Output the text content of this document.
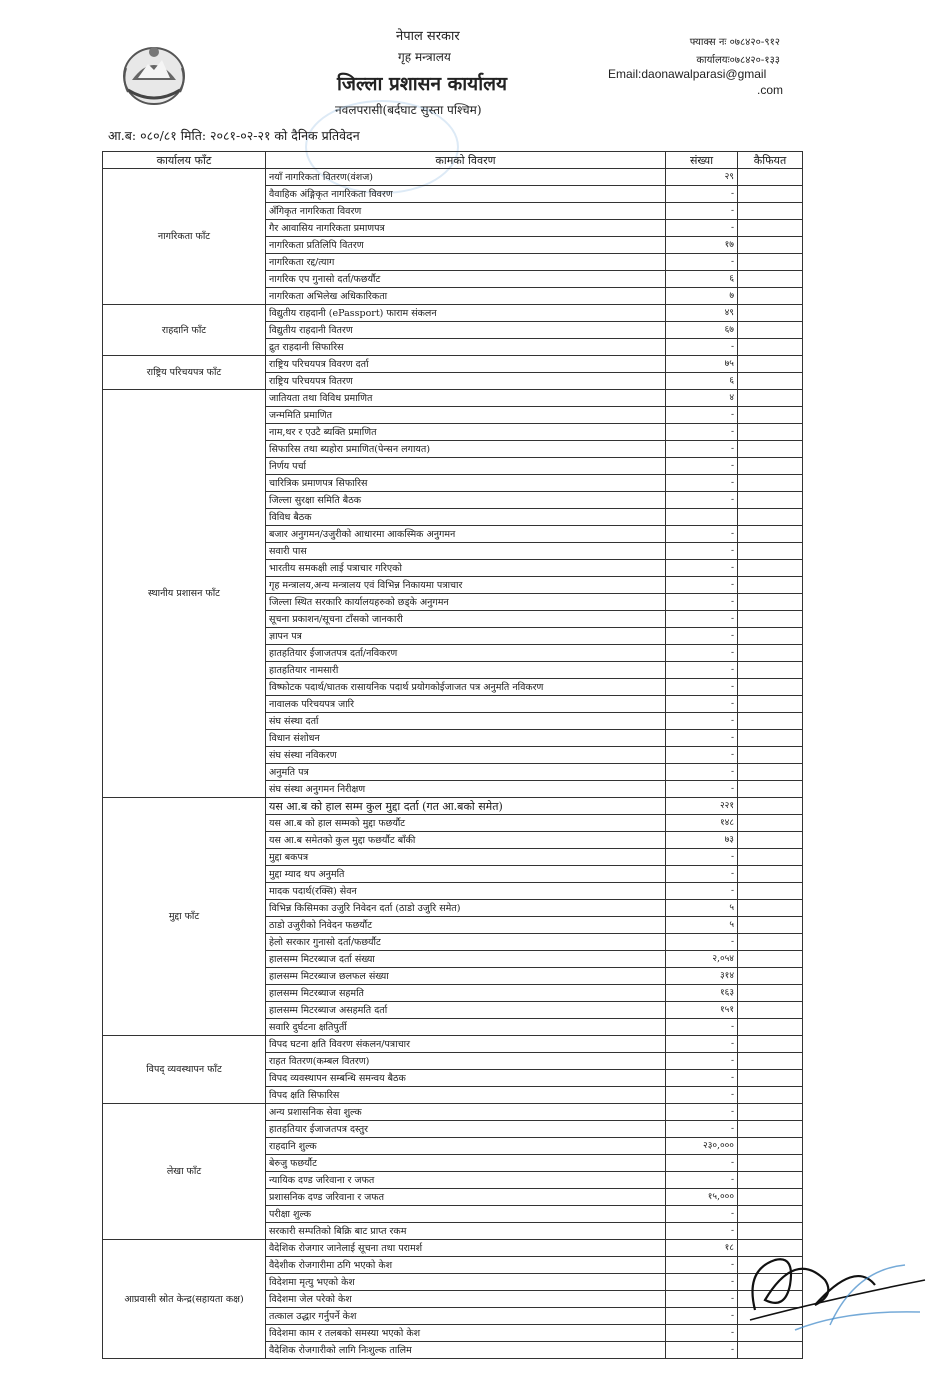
नेपाल सरकार
गृह मन्त्रालय
जिल्ला प्रशासन कार्यालय
नवलपरासी(बर्दघाट सुस्ता पश्चिम)
फ्याक्स नः ०७८४२०-९१२
कार्यालयः०७८४२०-१३३
Email:daonawalparasi@gmail
.com
आ.ब: ०८०/८१ मिति: २०८१-०२-२१ को दैनिक प्रतिवेदन
कार्यालय फाँट	कामको विवरण	संख्या	कैफियत
नागरिकता फाँट	नयाँ नागरिकता वितरण(वंशज)	२९	
	वैवाहिक अंङ्गिकृत नागरिकता विवरण	-	
	अँगिकृत नागरिकता विवरण	-	
	गैर आवासिय नागरिकता प्रमाणपत्र	-	
	नागरिकता प्रतिलिपि वितरण	१७	
	नागरिकता रद्द/त्याग	-	
	नागरिक एप गुनासो दर्ता/फछर्यौट	६	
	नागरिकता अभिलेख अधिकारिकता	७	
राहदानि फाँट	विद्युतीय राहदानी (ePassport) फाराम संकलन	४९	
	विद्युतीय राहदानी वितरण	६७	
	द्रुत राहदानी सिफारिस	-	
राष्ट्रिय परिचयपत्र फाँट	राष्ट्रिय परिचयपत्र विवरण दर्ता	७५	
	राष्ट्रिय परिचयपत्र वितरण	६	
स्थानीय प्रशासन फाँट	जातियता तथा विविध प्रमाणित	४	
	जन्ममिति प्रमाणित	-	
	नाम,थर र एउटै ब्यक्ति प्रमाणित	-	
	सिफारिस तथा ब्यहोरा प्रमाणित(पेन्सन लगायत)	-	
	निर्णय पर्चा	-	
	चारित्रिक प्रमाणपत्र सिफारिस	-	
	जिल्ला सुरक्षा समिति बैठक	-	
	विविध बैठक		
	बजार अनुगमन/उजुरीको आधारमा आकस्मिक अनुगमन	-	
	सवारी पास	-	
	भारतीय समकक्षी लाई पत्राचार गरिएको	-	
	गृह मन्त्रालय,अन्य मन्त्रालय एवं विभिन्न निकायमा पत्राचार	-	
	जिल्ला स्थित सरकारि कार्यालयहरुको छड्के अनुगमन	-	
	सूचना प्रकाशन/सूचना टाँसको जानकारी	-	
	ज्ञापन पत्र	-	
	हातहतियार ईजाजतपत्र दर्ता/नविकरण	-	
	हातहतियार नामसारी	-	
	विष्फोटक पदार्थ/घातक रासायनिक पदार्थ प्रयोगकोईजाजत पत्र अनुमति नविकरण	-	
	नावालक परिचयपत्र जारि	-	
	संघ संस्था दर्ता	-	
	विधान संशोधन	-	
	संघ संस्था नविकरण	-	
	अनुमति पत्र	-	
	संघ संस्था अनुगमन निरीक्षण	-	
मुद्दा फाँट	यस आ.ब को हाल सम्म कुल मुद्दा दर्ता (गत आ.बको समेत)	२२१	
	यस आ.ब को हाल सम्मको मुद्दा फछर्यौट	१४८	
	यस आ.ब समेतको कुल मुद्दा फछर्यौट बाँकी	७३	
	मुद्दा बकपत्र	-	
	मुद्दा म्याद थप अनुमति	-	
	मादक पदार्थ(रक्सि) सेवन	-	
	विभिन्न किसिमका उजुरि निवेदन दर्ता (ठाडो उजुरि समेत)	५	
	ठाडो उजुरीको निवेदन फछर्यौट	५	
	हेलो सरकार गुनासो दर्ता/फछर्यौट	-	
	हालसम्म मिटरब्याज दर्ता संख्या	२,०५४	
	हालसम्म मिटरब्याज छलफल संख्या	३१४	
	हालसम्म मिटरब्याज सहमति	१६३	
	हालसम्म मिटरब्याज असहमति दर्ता	१५१	
	सवारि दुर्घटना क्षतिपुर्ती	-	
विपद् व्यवस्थापन फाँट	विपद घटना क्षति विवरण संकलन/पत्राचार	-	
	राहत वितरण(कम्बल वितरण)	-	
	विपद व्यवस्थापन सम्बन्धि समन्वय बैठक	-	
	विपद क्षति सिफारिस	-	
लेखा फाँट	अन्य प्रशासनिक सेवा शुल्क	-	
	हातहतियार ईजाजतपत्र दस्तुर	-	
	राहदानि शुल्क	२३०,०००	
	बेरुजु फछर्यौट	-	
	न्यायिक दण्ड जरिवाना र जफत	-	
	प्रशासनिक दण्ड जरिवाना र जफत	१५,०००	
	परीक्षा शुल्क	-	
	सरकारी सम्पतिको बिक्रि बाट प्राप्त रकम	-	
आप्रवासी स्रोत केन्द्र(सहायता कक्ष)	वैदेशिक रोजगार जानेलाई सूचना तथा परामर्श	१८	
	वैदेशीक रोजगारीमा ठगि भएको केश	-	
	विदेशमा मृत्यु भएको केश	-	
	विदेशमा जेल परेको केश	-	
	तत्काल उद्धार गर्नुपर्ने केश	-	
	विदेशमा काम र तलबको समस्या भएको केश	-	
	वैदेशिक रोजगारीको लागि निःशुल्क तालिम	-	
